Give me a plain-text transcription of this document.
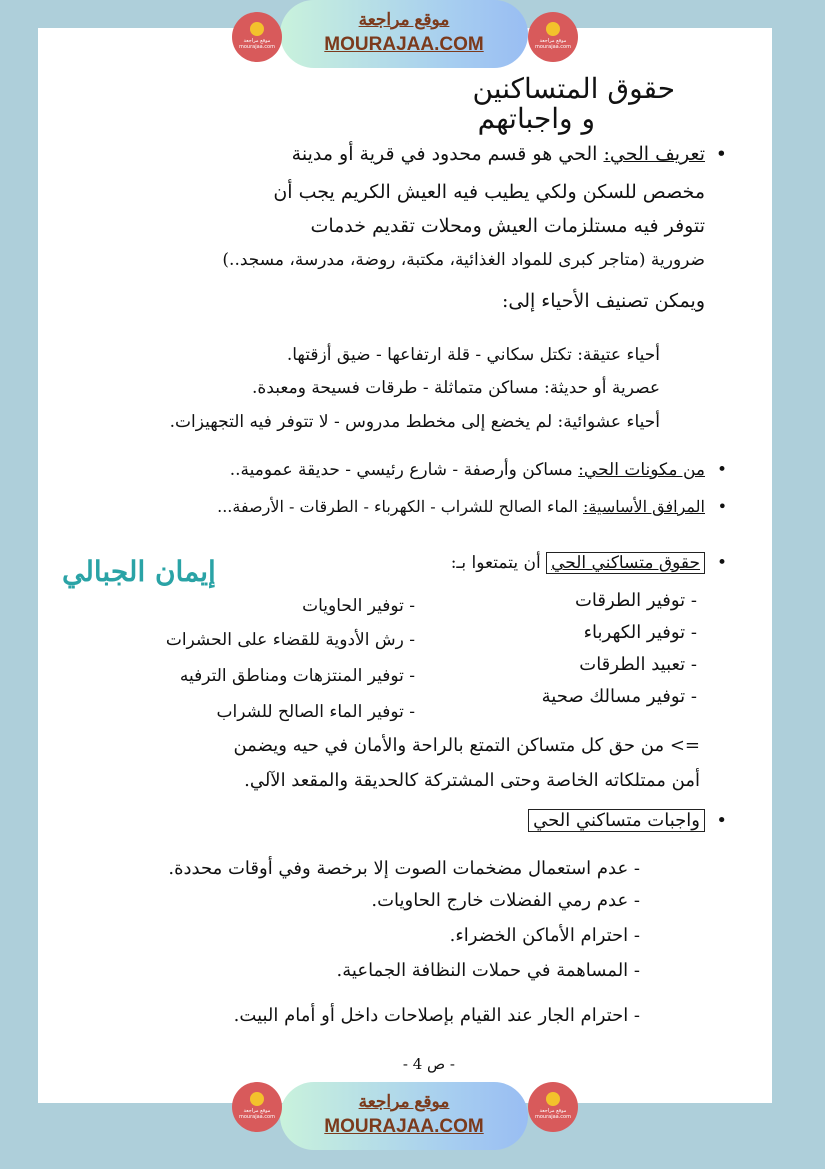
موقع مراجعة
MOURAJAA.COM
موقع مراجعة mourajaa.com
موقع مراجعة mourajaa.com
حقوق المتساكنين
و واجباتهم
• تعريف الحي: الحي هو قسم محدود في قرية أو مدينة
مخصص للسكن ولكي يطيب فيه العيش الكريم يجب أن
تتوفر فيه مستلزمات العيش ومحلات تقديم خدمات
ضرورية (متاجر كبرى للمواد الغذائية، مكتبة، روضة، مدرسة، مسجد..)
ويمكن تصنيف الأحياء إلى:
أحياء عتيقة: تكتل سكاني - قلة ارتفاعها - ضيق أزقتها.
عصرية أو حديثة: مساكن متماثلة - طرقات فسيحة ومعبدة.
أحياء عشوائية: لم يخضع إلى مخطط مدروس - لا تتوفر فيه التجهيزات.
• من مكونات الحي: مساكن وأرصفة - شارع رئيسي - حديقة عمومية..
• المرافق الأساسية: الماء الصالح للشراب - الكهرباء - الطرقات - الأرصفة...
• حقوق متساكني الحي أن يتمتعوا بـ:
إيمان الجبالي
- توفير الطرقات
- توفير الكهرباء
- تعبيد الطرقات
- توفير مسالك صحية
- توفير الحاويات
- رش الأدوية للقضاء على الحشرات
- توفير المنتزهات ومناطق الترفيه
- توفير الماء الصالح للشراب
=> من حق كل متساكن التمتع بالراحة والأمان في حيه ويضمن
أمن ممتلكاته الخاصة وحتى المشتركة كالحديقة والمقعد الآلي.
• واجبات متساكني الحي
- عدم استعمال مضخمات الصوت إلا برخصة وفي أوقات محددة.
- عدم رمي الفضلات خارج الحاويات.
- احترام الأماكن الخضراء.
- المساهمة في حملات النظافة الجماعية.
- احترام الجار عند القيام بإصلاحات داخل أو أمام البيت.
- ص 4 -
موقع مراجعة
MOURAJAA.COM
موقع مراجعة mourajaa.com
موقع مراجعة mourajaa.com
